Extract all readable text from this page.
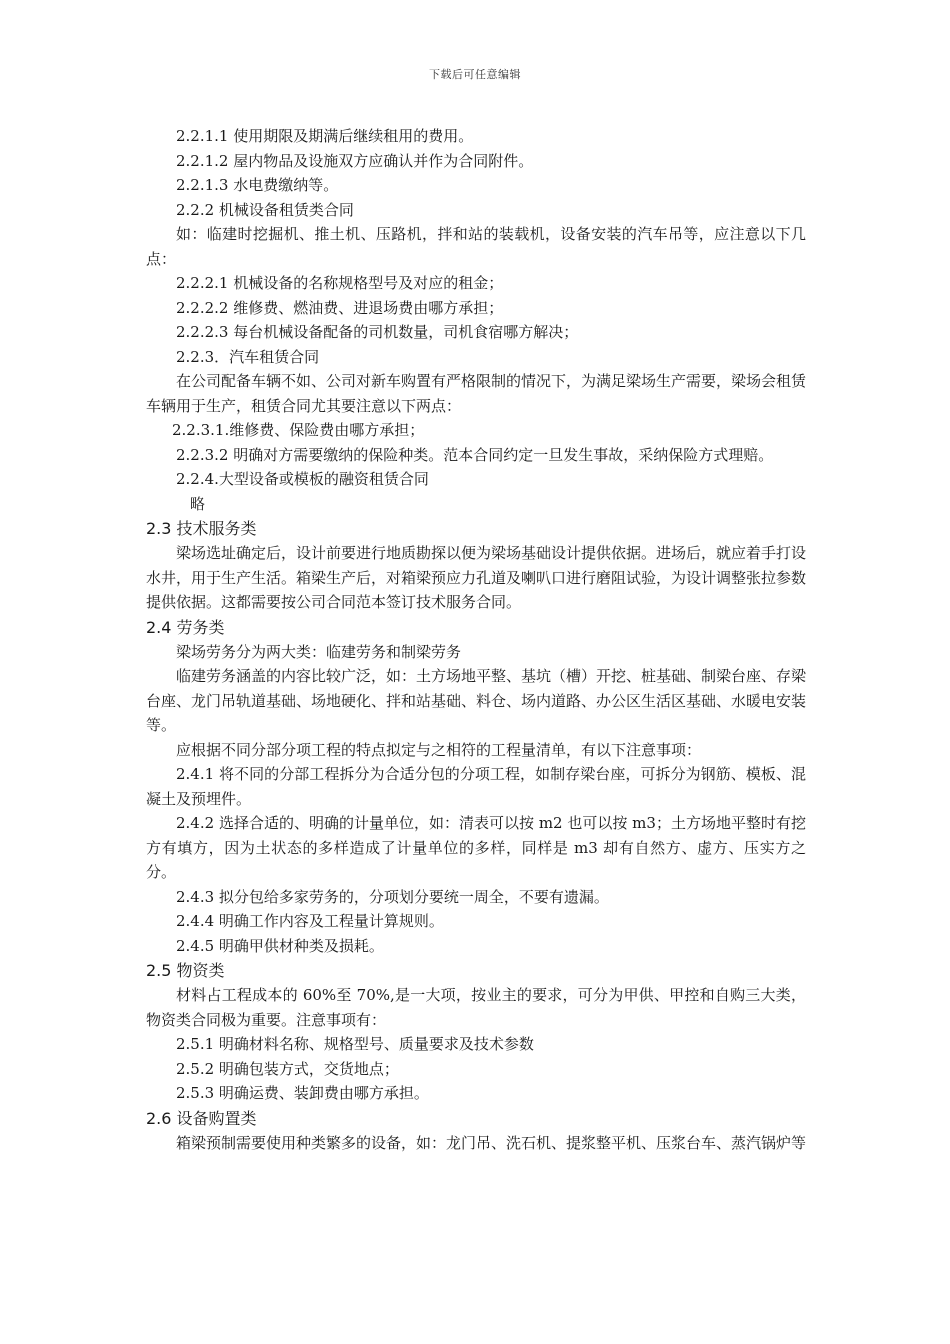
下载后可任意编辑

2.2.1.1 使用期限及期满后继续租用的费用。

2.2.1.2 屋内物品及设施双方应确认并作为合同附件。

2.2.1.3 水电费缴纳等。

2.2.2 机械设备租赁类合同

如：临建时挖掘机、推土机、压路机，拌和站的装载机，设备安装的汽车吊等，应注意以下几点：

2.2.2.1 机械设备的名称规格型号及对应的租金；

2.2.2.2 维修费、燃油费、进退场费由哪方承担；

2.2.2.3 每台机械设备配备的司机数量，司机食宿哪方解决；

2.2.3．汽车租赁合同

在公司配备车辆不如、公司对新车购置有严格限制的情况下，为满足梁场生产需要，梁场会租赁车辆用于生产，租赁合同尤其要注意以下两点：

2.2.3.1.维修费、保险费由哪方承担；

2.2.3.2 明确对方需要缴纳的保险种类。范本合同约定一旦发生事故，采纳保险方式理赔。

2.2.4.大型设备或模板的融资租赁合同

略

2.3 技术服务类

梁场选址确定后，设计前要进行地质勘探以便为梁场基础设计提供依据。进场后，就应着手打设水井，用于生产生活。箱梁生产后，对箱梁预应力孔道及喇叭口进行磨阻试验，为设计调整张拉参数提供依据。这都需要按公司合同范本签订技术服务合同。

2.4 劳务类

梁场劳务分为两大类：临建劳务和制梁劳务

临建劳务涵盖的内容比较广泛，如：土方场地平整、基坑（槽）开挖、桩基础、制梁台座、存梁台座、龙门吊轨道基础、场地硬化、拌和站基础、料仓、场内道路、办公区生活区基础、水暖电安装等。

应根据不同分部分项工程的特点拟定与之相符的工程量清单，有以下注意事项：

2.4.1 将不同的分部工程拆分为合适分包的分项工程，如制存梁台座，可拆分为钢筋、模板、混凝土及预埋件。

2.4.2 选择合适的、明确的计量单位，如：清表可以按 m2 也可以按 m3；土方场地平整时有挖方有填方，因为土状态的多样造成了计量单位的多样，同样是 m3 却有自然方、虚方、压实方之分。

2.4.3 拟分包给多家劳务的，分项划分要统一周全，不要有遗漏。

2.4.4 明确工作内容及工程量计算规则。

2.4.5 明确甲供材种类及损耗。

2.5 物资类

材料占工程成本的 60%至 70%,是一大项，按业主的要求，可分为甲供、甲控和自购三大类，物资类合同极为重要。注意事项有：

2.5.1 明确材料名称、规格型号、质量要求及技术参数

2.5.2 明确包装方式，交货地点；

2.5.3 明确运费、装卸费由哪方承担。

2.6 设备购置类

箱梁预制需要使用种类繁多的设备，如：龙门吊、洗石机、提浆整平机、压浆台车、蒸汽锅炉等
